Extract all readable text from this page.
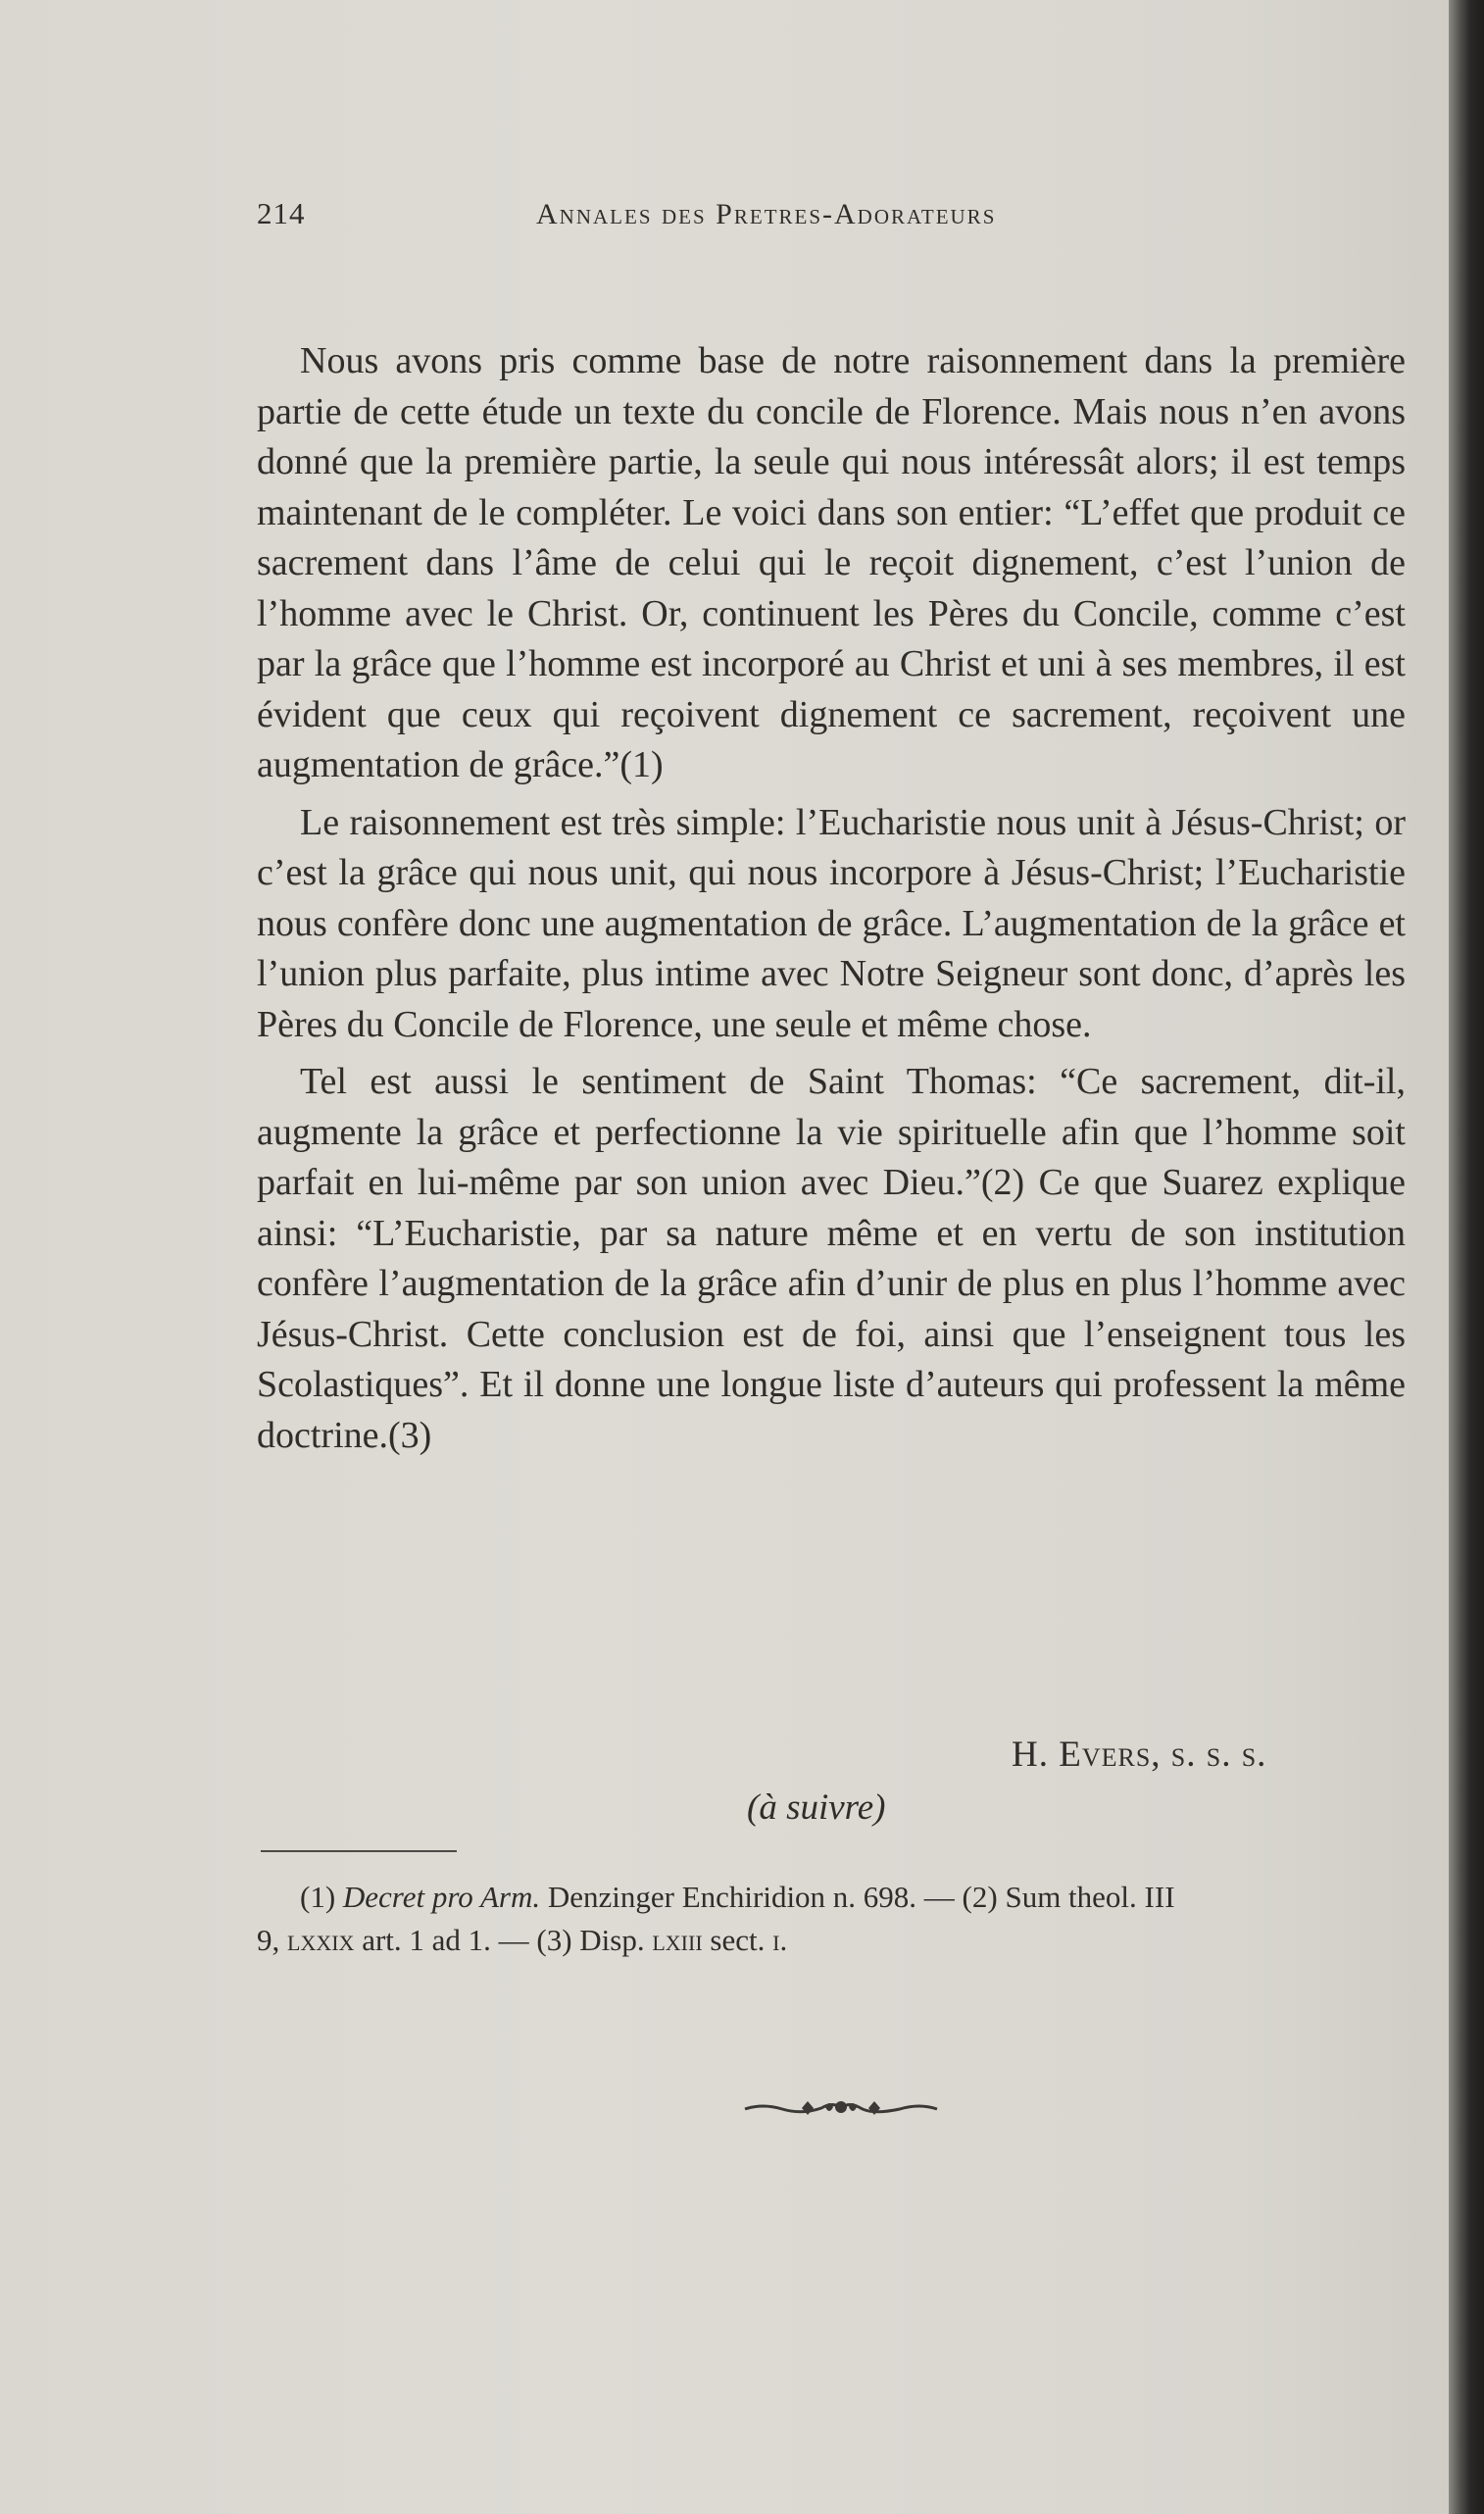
214	Annales des Pretres-Adorateurs

Nous avons pris comme base de notre raisonnement dans la première partie de cette étude un texte du concile de Florence. Mais nous n’en avons donné que la première partie, la seule qui nous intéressât alors; il est temps maintenant de le compléter. Le voici dans son entier: “L’effet que produit ce sacrement dans l’âme de celui qui le reçoit dignement, c’est l’union de l’homme avec le Christ. Or, continuent les Pères du Concile, comme c’est par la grâce que l’homme est incorporé au Christ et uni à ses membres, il est évident que ceux qui reçoivent dignement ce sacrement, reçoivent une augmentation de grâce.”(1)

Le raisonnement est très simple: l’Eucharistie nous unit à Jésus-Christ; or c’est la grâce qui nous unit, qui nous incorpore à Jésus-Christ; l’Eucharistie nous confère donc une augmentation de grâce. L’augmentation de la grâce et l’union plus parfaite, plus intime avec Notre Seigneur sont donc, d’après les Pères du Concile de Florence, une seule et même chose.

Tel est aussi le sentiment de Saint Thomas: “Ce sacrement, dit-il, augmente la grâce et perfectionne la vie spirituelle afin que l’homme soit parfait en lui-même par son union avec Dieu.”(2) Ce que Suarez explique ainsi: “L’Eucharistie, par sa nature même et en vertu de son institution confère l’augmentation de la grâce afin d’unir de plus en plus l’homme avec Jésus-Christ. Cette conclusion est de foi, ainsi que l’enseignent tous les Scolastiques”. Et il donne une longue liste d’auteurs qui professent la même doctrine.(3)

H. Evers, s. s. s.
(à suivre)
(1) Decret pro Arm. Denzinger Enchiridion n. 698. — (2) Sum theol. III
9, lxxix art. 1 ad 1. — (3) Disp. lxiii sect. i.
